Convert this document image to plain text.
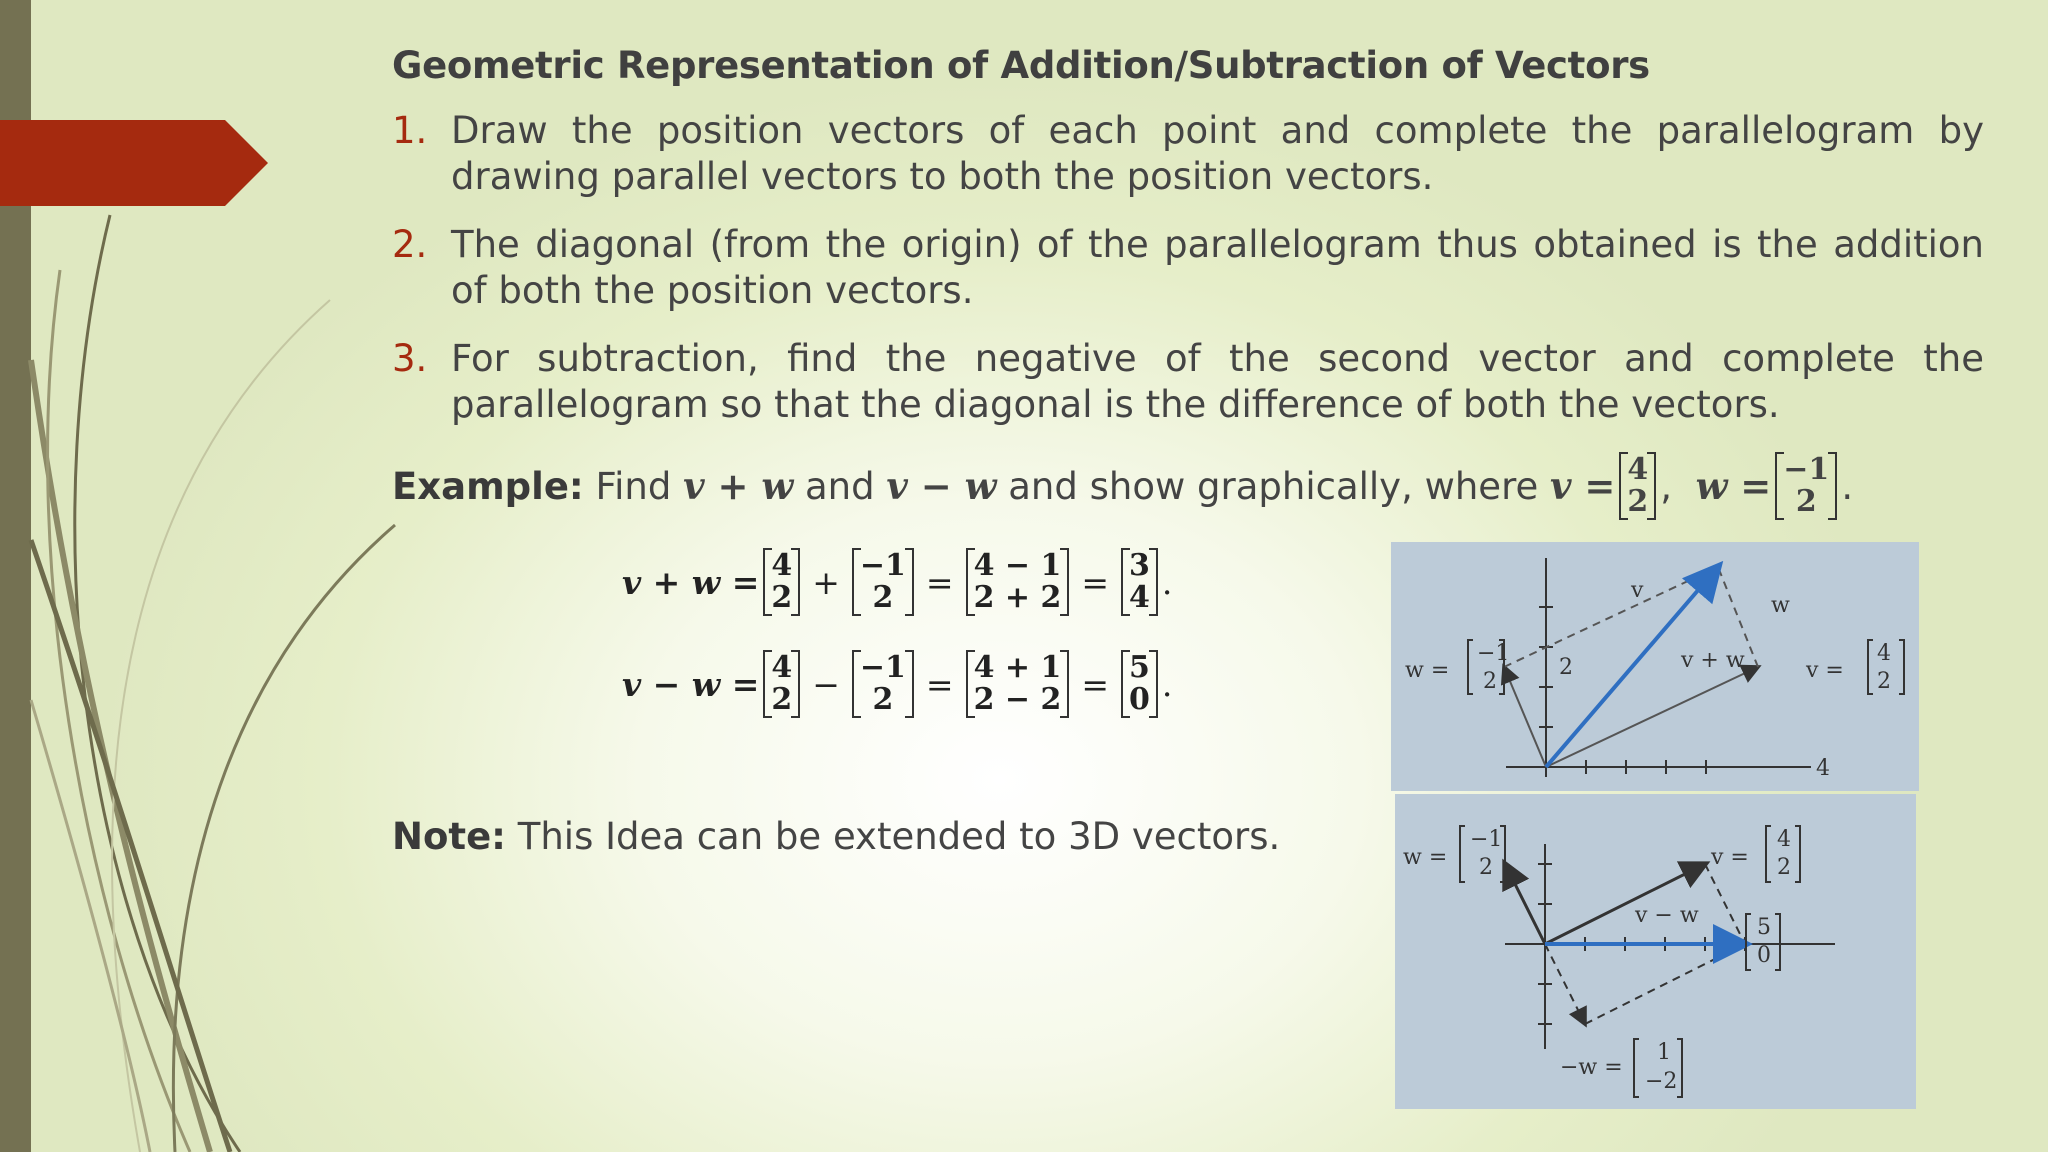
Geometric Representation of Addition/Subtraction of Vectors
1. Draw the position vectors of each point and complete the parallelogram by drawing parallel vectors to both the position vectors.
2. The diagonal (from the origin) of the parallelogram thus obtained is the addition of both the position vectors.
3. For subtraction, find the negative of the second vector and complete the parallelogram so that the diagonal is the difference of both the vectors.
Example:
Find
v + w
and
v − w
and show graphically, where
v = 4
2 ,
w = −1
2 .
v + w = 4
2 + −1
2 = 4 − 1
2 + 2 = 3
4 .
v − w = 4
2 − −1
2 = 4 + 1
2 − 2 = 5
0 .
Note: This Idea can be extended to 3D vectors.
w =
−1
2	v =
4
2
v
w
v + w
2
4
w =
−1
2	v =
4
2
v − w	5
0
−w =
1
−2
